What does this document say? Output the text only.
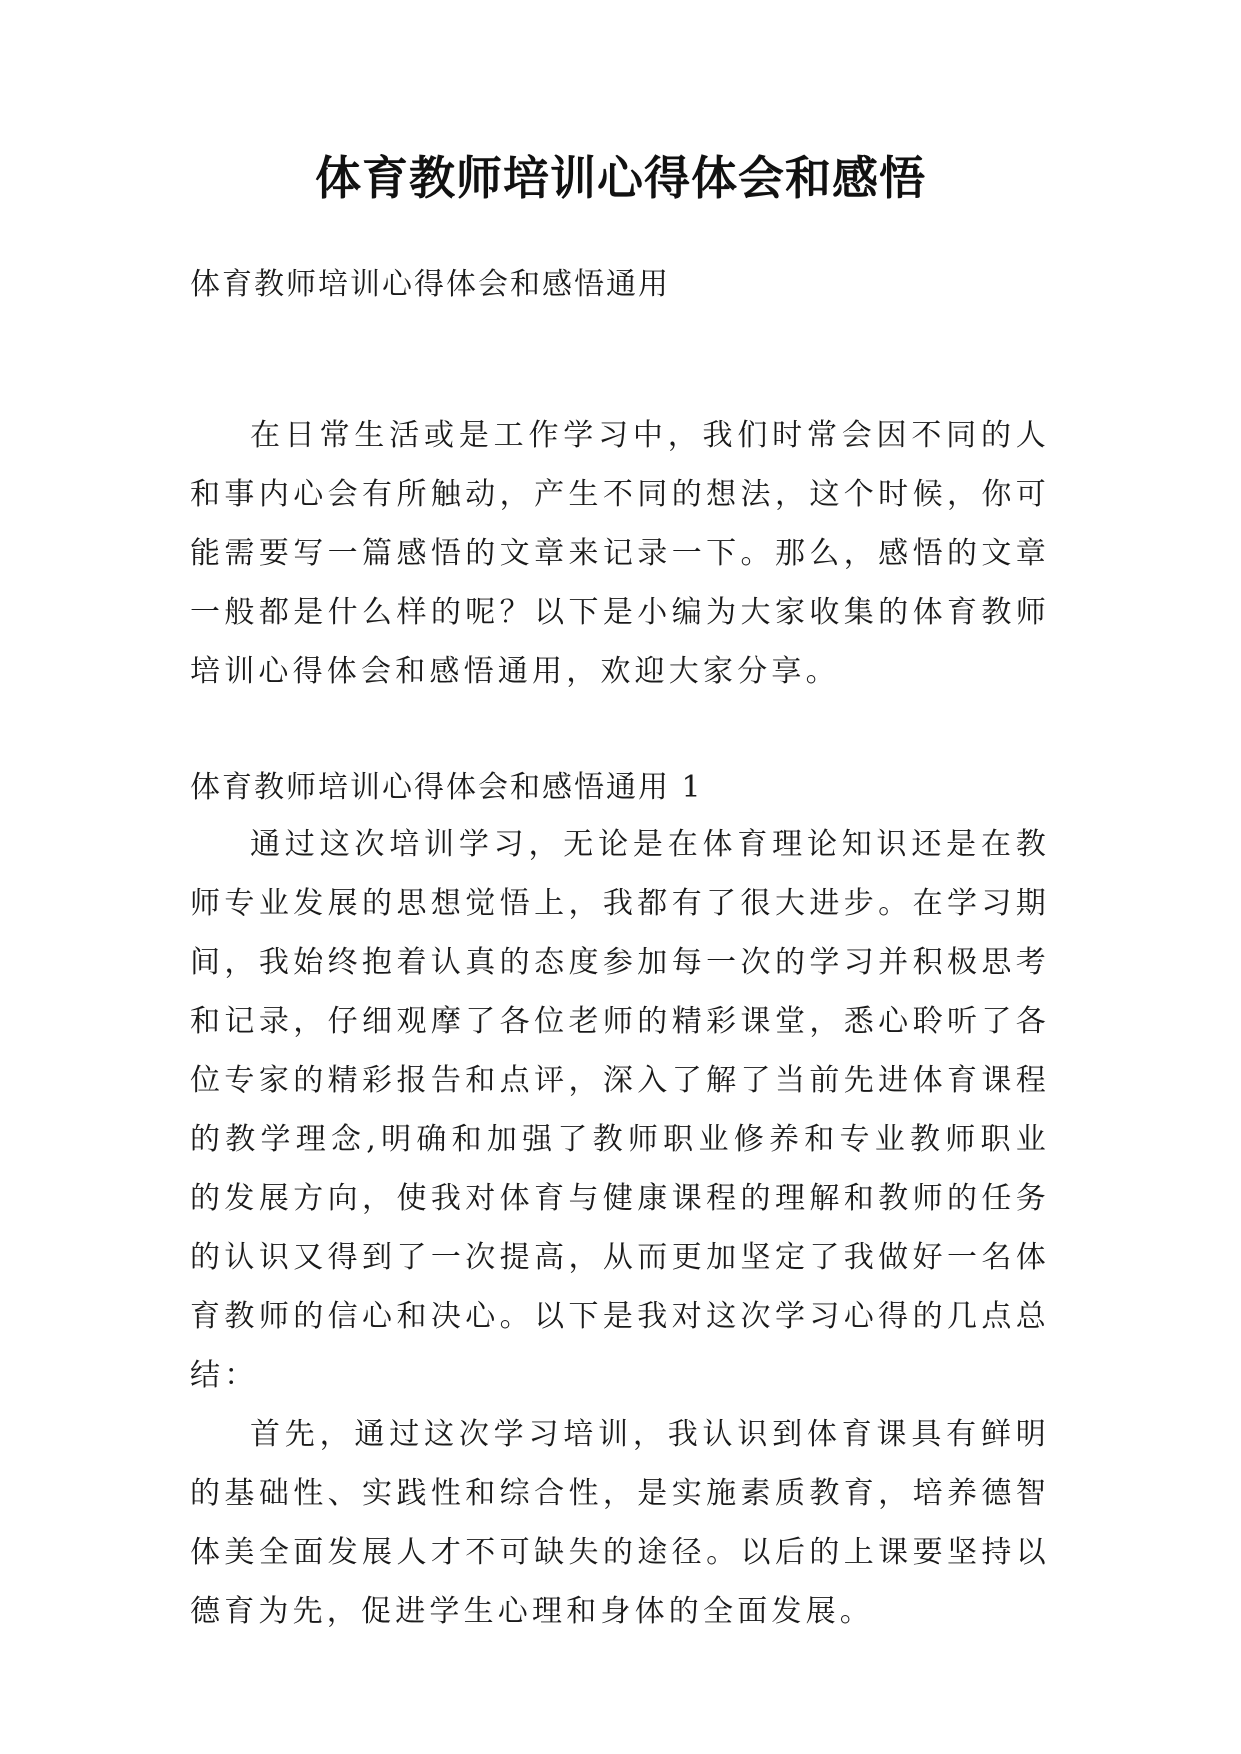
体育教师培训心得体会和感悟
体育教师培训心得体会和感悟通用

在日常生活或是工作学习中，我们时常会因不同的人和事内心会有所触动，产生不同的想法，这个时候，你可能需要写一篇感悟的文章来记录一下。那么，感悟的文章一般都是什么样的呢？以下是小编为大家收集的体育教师培训心得体会和感悟通用，欢迎大家分享。

体育教师培训心得体会和感悟通用 1

通过这次培训学习，无论是在体育理论知识还是在教师专业发展的思想觉悟上，我都有了很大进步。在学习期间，我始终抱着认真的态度参加每一次的学习并积极思考和记录，仔细观摩了各位老师的精彩课堂，悉心聆听了各位专家的精彩报告和点评，深入了解了当前先进体育课程的教学理念,明确和加强了教师职业修养和专业教师职业的发展方向，使我对体育与健康课程的理解和教师的任务的认识又得到了一次提高，从而更加坚定了我做好一名体育教师的信心和决心。以下是我对这次学习心得的几点总结：

首先，通过这次学习培训，我认识到体育课具有鲜明的基础性、实践性和综合性，是实施素质教育，培养德智体美全面发展人才不可缺失的途径。以后的上课要坚持以德育为先，促进学生心理和身体的全面发展。
